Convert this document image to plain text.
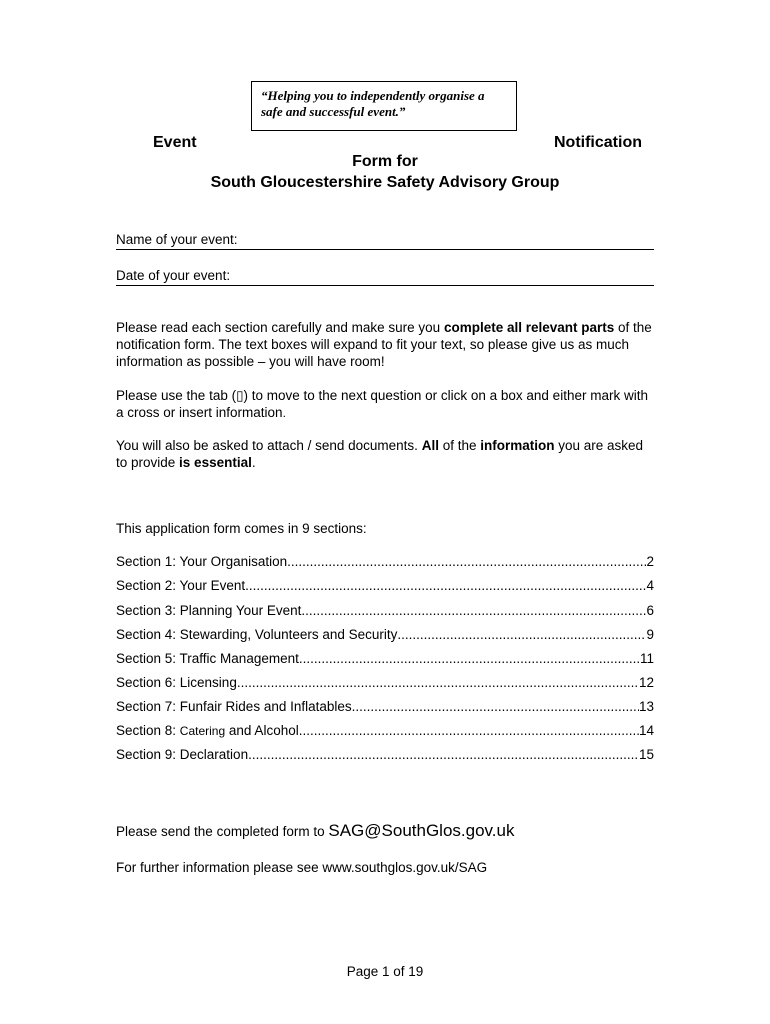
“Helping you to independently organise a safe and successful event.”
Event	Notification
Form for
South Gloucestershire Safety Advisory Group
Name of your event:
Date of your event:

Please read each section carefully and make sure you complete all relevant parts of the notification form. The text boxes will expand to fit your text, so please give us as much information as possible – you will have room!

Please use the tab (▯) to move to the next question or click on a box and either mark with a cross or insert information.

You will also be asked to attach / send documents. All of the information you are asked to provide is essential.

This application form comes in 9 sections:

Section 1: Your Organisation .....	2
Section 2: Your Event .....	4
Section 3: Planning Your Event .....	6
Section 4: Stewarding, Volunteers and Security .....	9
Section 5: Traffic Management .....	11
Section 6: Licensing .....	12
Section 7: Funfair Rides and Inflatables .....	13
Section 8: Catering and Alcohol .....	14
Section 9: Declaration .....	15

Please send the completed form to SAG@SouthGlos.gov.uk

For further information please see www.southglos.gov.uk/SAG

Page 1 of 19
